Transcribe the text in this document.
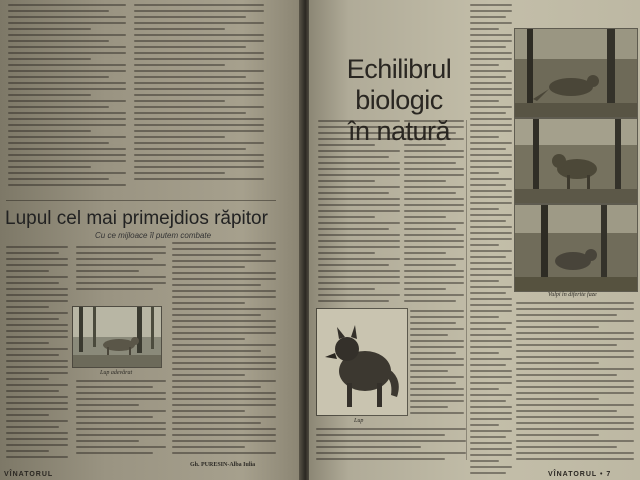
Lupul cel mai primejdios răpitor
Cu ce mijloace îl putem combate
Lup adevărat
Gh. PURESIN-Alba Iulia
VÎNATORUL
Echilibrul biologic
în natură
Vulpi în diferite faze
Lup
VÎNATORUL • 7
